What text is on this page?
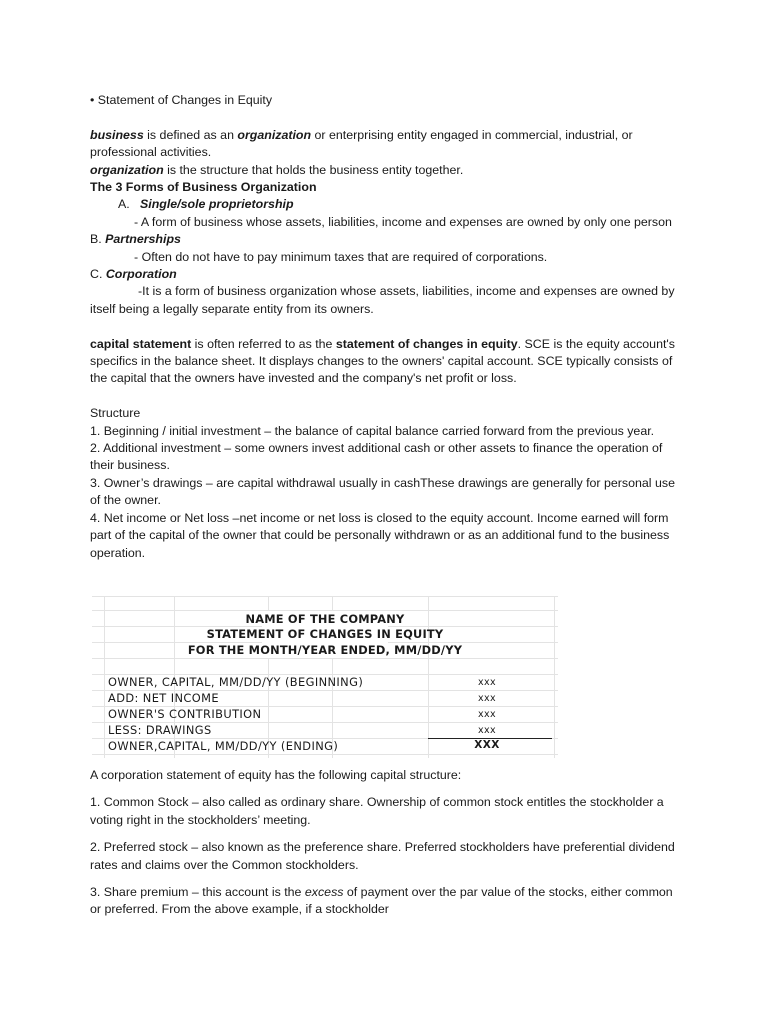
• Statement of Changes in Equity

business is defined as an organization or enterprising entity engaged in commercial, industrial, or professional activities.

organization is the structure that holds the business entity together.

The 3 Forms of Business Organization

A. Single/sole proprietorship

- A form of business whose assets, liabilities, income and expenses are owned by only one person

B. Partnerships

- Often do not have to pay minimum taxes that are required of corporations.

C. Corporation

-It is a form of business organization whose assets, liabilities, income and expenses are owned by itself being a legally separate entity from its owners.

capital statement is often referred to as the statement of changes in equity. SCE is the equity account's specifics in the balance sheet. It displays changes to the owners' capital account. SCE typically consists of the capital that the owners have invested and the company's net profit or loss.

Structure

1. Beginning / initial investment – the balance of capital balance carried forward from the previous year.

2. Additional investment – some owners invest additional cash or other assets to finance the operation of their business.

3. Owner’s drawings – are capital withdrawal usually in cashThese drawings are generally for personal use of the owner.

4. Net income or Net loss –net income or net loss is closed to the equity account. Income earned will form part of the capital of the owner that could be personally withdrawn or as an additional fund to the business operation.

NAME OF THE COMPANY
STATEMENT OF CHANGES IN EQUITY
FOR THE MONTH/YEAR ENDED, MM/DD/YY
OWNER, CAPITAL, MM/DD/YY (BEGINNING)	xxx
ADD: NET INCOME	xxx
OWNER'S CONTRIBUTION	xxx
LESS: DRAWINGS	xxx
OWNER,CAPITAL, MM/DD/YY (ENDING)	XXX

A corporation statement of equity has the following capital structure:

1. Common Stock – also called as ordinary share. Ownership of common stock entitles the stockholder a voting right in the stockholders’ meeting.

2. Preferred stock – also known as the preference share. Preferred stockholders have preferential dividend rates and claims over the Common stockholders.

3. Share premium – this account is the excess of payment over the par value of the stocks, either common or preferred. From the above example, if a stockholder
